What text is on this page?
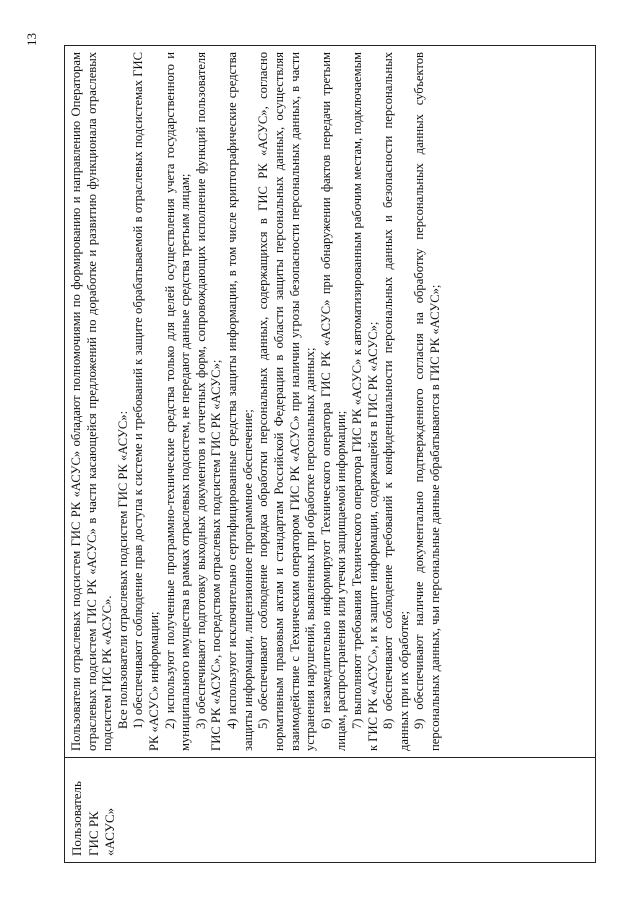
13
Пользователь ГИС РК «АСУС»	

Пользователи отраслевых подсистем ГИС РК «АСУС» обладают полномочиями по формированию и направлению Операторам отраслевых подсистем ГИС РК «АСУС» в части касающейся предложений по доработке и развитию функционала отраслевых подсистем ГИС РК «АСУС». Все пользователи отраслевых подсистем ГИС РК «АСУС»: 1) обеспечивают соблюдение прав доступа к системе и требований к защите обрабатываемой в отраслевых подсистемах ГИС РК «АСУС» информации; 2) используют полученные программно-технические средства только для целей осуществления учета государственного и муниципального имущества в рамках отраслевых подсистем, не передают данные средства третьим лицам; 3) обеспечивают подготовку выходных документов и отчетных форм, сопровождающих исполнение функций пользователя ГИС РК «АСУС», посредством отраслевых подсистем ГИС РК «АСУС»; 4) используют исключительно сертифицированные средства защиты информации, в том числе криптографические средства защиты информации, лицензионное программное обеспечение; 5) обеспечивают соблюдение порядка обработки персональных данных, содержащихся в ГИС РК «АСУС», согласно нормативным правовым актам и стандартам Российской Федерации в области защиты персональных данных, осуществляя взаимодействие с Техническим оператором ГИС РК «АСУС» при наличии угрозы безопасности персональных данных, в части устранения нарушений, выявленных при обработке персональных данных; 6) незамедлительно информируют Технического оператора ГИС РК «АСУС» при обнаружении фактов передачи третьим лицам, распространения или утечки защищаемой информации; 7) выполняют требования Технического оператора ГИС РК «АСУС» к автоматизированным рабочим местам, подключаемым к ГИС РК «АСУС», и к защите информации, содержащейся в ГИС РК «АСУС»; 8) обеспечивают соблюдение требований к конфиденциальности персональных данных и безопасности персональных данных при их обработке; 9) обеспечивают наличие документально подтвержденного согласия на обработку персональных данных субъектов персональных данных, чьи персональные данные обрабатываются в ГИС РК «АСУС»;
